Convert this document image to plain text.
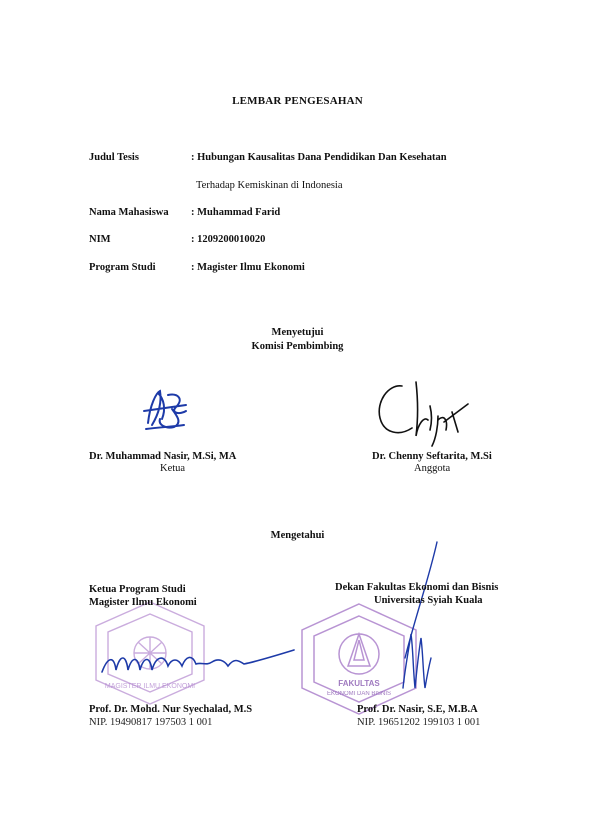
LEMBAR PENGESAHAN
Judul Tesis	: Hubungan Kausalitas Dana Pendidikan Dan Kesehatan
Terhadap Kemiskinan di Indonesia
Nama Mahasiswa : Muhammad Farid
NIM	: 1209200010020
Program Studi	: Magister Ilmu Ekonomi
Menyetujui
Komisi Pembimbing
Dr. Muhammad Nasir, M.Si, MA
Ketua
Dr. Chenny Seftarita, M.Si
Anggota
Mengetahui
MAGISTER ILMU EKONOMI	FAKULTAS
EKONOMI DAN BISNIS
Ketua Program Studi
Magister Ilmu Ekonomi
Prof. Dr. Mohd. Nur Syechalad, M.S
NIP. 19490817 197503 1 001
Dekan Fakultas Ekonomi dan Bisnis
Universitas Syiah Kuala
Prof. Dr. Nasir, S.E, M.B.A
NIP. 19651202 199103 1 001
